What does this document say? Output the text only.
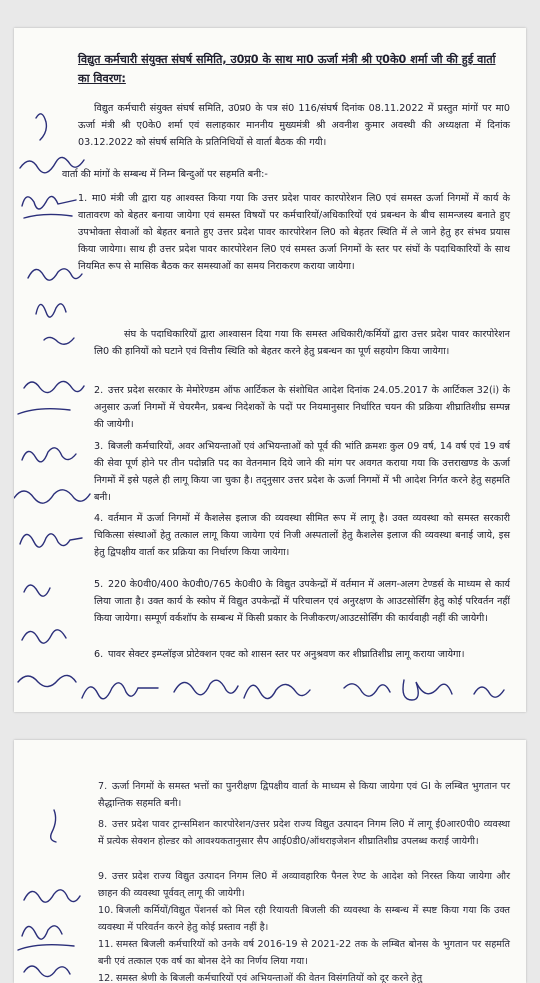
विद्युत कर्मचारी संयुक्त संघर्ष समिति, उ0प्र0 के साथ मा0 ऊर्जा मंत्री श्री ए0के0 शर्मा जी की हुई वार्ता का विवरण:
विद्युत कर्मचारी संयुक्त संघर्ष समिति, उ0प्र0 के पत्र सं0 116/संघर्ष दिनांक 08.11.2022 में प्रस्तुत मांगों पर मा0 ऊर्जा मंत्री श्री ए0के0 शर्मा एवं सलाहकार माननीय मुख्यमंत्री श्री अवनीश कुमार अवस्थी की अध्यक्षता में दिनांक 03.12.2022 को संघर्ष समिति के प्रतिनिधियों से वार्ता बैठक की गयी।
वार्ता की मांगों के सम्बन्ध में निम्न बिन्दुओं पर सहमति बनी:-
1. मा0 मंत्री जी द्वारा यह आश्वस्त किया गया कि उत्तर प्रदेश पावर कारपोरेशन लि0 एवं समस्त ऊर्जा निगमों में कार्य के वातावरण को बेहतर बनाया जायेगा एवं समस्त विषयों पर कर्मचारियों/अधिकारियों एवं प्रबन्धन के बीच सामन्जस्य बनाते हुए उपभोक्ता सेवाओं को बेहतर बनाते हुए उत्तर प्रदेश पावर कारपोरेशन लि0 को बेहतर स्थिति में ले जाने हेतु हर संभव प्रयास किया जायेगा। साथ ही उत्तर प्रदेश पावर कारपोरेशन लि0 एवं समस्त ऊर्जा निगमों के स्तर पर संघों के पदाधिकारियों के साथ नियमित रूप से मासिक बैठक कर समस्याओं का समय निराकरण कराया जायेगा।
संघ के पदाधिकारियों द्वारा आश्वासन दिया गया कि समस्त अधिकारी/कर्मियों द्वारा उत्तर प्रदेश पावर कारपोरेशन लि0 की हानियों को घटाने एवं वित्तीय स्थिति को बेहतर करने हेतु प्रबन्धन का पूर्ण सहयोग किया जायेगा।
2. उत्तर प्रदेश सरकार के मेमोरेण्डम ऑफ आर्टिकल के संशोधित आदेश दिनांक 24.05.2017 के आर्टिकल 32(i) के अनुसार ऊर्जा निगमों में चेयरमैन, प्रबन्ध निदेशकों के पदों पर नियमानुसार निर्धारित चयन की प्रक्रिया शीघ्रातिशीघ्र सम्पन्न की जायेगी।
3. बिजली कर्मचारियों, अवर अभियन्ताओं एवं अभियन्ताओं को पूर्व की भांति क्रमशः कुल 09 वर्ष, 14 वर्ष एवं 19 वर्ष की सेवा पूर्ण होने पर तीन पदोन्नति पद का वेतनमान दिये जाने की मांग पर अवगत कराया गया कि उत्तराखण्ड के ऊर्जा निगमों में इसे पहले ही लागू किया जा चुका है। तद्नुसार उत्तर प्रदेश के ऊर्जा निगमों में भी आदेश निर्गत करने हेतु सहमति बनी।
4. वर्तमान में ऊर्जा निगमों में कैशलेस इलाज की व्यवस्था सीमित रूप में लागू है। उक्त व्यवस्था को समस्त सरकारी चिकित्सा संस्थाओं हेतु तत्काल लागू किया जायेगा एवं निजी अस्पतालों हेतु कैशलेस इलाज की व्यवस्था बनाई जाये, इस हेतु द्विपक्षीय वार्ता कर प्रक्रिया का निर्धारण किया जायेगा।
5. 220 के0वी0/400 के0वी0/765 के0वी0 के विद्युत उपकेन्द्रों में वर्तमान में अलग-अलग टेण्डर्स के माध्यम से कार्य लिया जाता है। उक्त कार्य के स्कोप में विद्युत उपकेन्द्रों में परिचालन एवं अनुरक्षण के आउटसोर्सिंग हेतु कोई परिवर्तन नहीं किया जायेगा। सम्पूर्ण वर्कशॉप के सम्बन्ध में किसी प्रकार के निजीकरण/आउटसोर्सिंग की कार्यवाही नहीं की जायेगी।
6. पावर सेक्टर इम्प्लॉइज प्रोटेक्शन एक्ट को शासन स्तर पर अनुश्रवण कर शीघ्रातिशीघ्र लागू कराया जायेगा।
7. ऊर्जा निगमों के समस्त भत्तों का पुनरीक्षण द्विपक्षीय वार्ता के माध्यम से किया जायेगा एवं GI के लम्बित भुगतान पर सैद्धान्तिक सहमति बनी।
8. उत्तर प्रदेश पावर ट्रान्समिशन कारपोरेशन/उत्तर प्रदेश राज्य विद्युत उत्पादन निगम लि0 में लागू ई0आर0पी0 व्यवस्था में प्रत्येक सेक्शन होल्डर को आवश्यकतानुसार सैप आई0डी0/ऑथराइजेशन शीघ्रातिशीघ्र उपलब्ध कराई जायेगी।
9. उत्तर प्रदेश राज्य विद्युत उत्पादन निगम लि0 में अव्यावहारिक पैनल रेण्ट के आदेश को निरस्त किया जायेगा और छाहन की व्यवस्था पूर्ववत् लागू की जायेगी।
10. बिजली कर्मियों/विद्युत पेंशनर्स को मिल रही रियायती बिजली की व्यवस्था के सम्बन्ध में स्पष्ट किया गया कि उक्त व्यवस्था में परिवर्तन करने हेतु कोई प्रस्ताव नहीं है।
11. समस्त बिजली कर्मचारियों को उनके वर्ष 2016-19 से 2021-22 तक के लम्बित बोनस के भुगतान पर सहमति बनी एवं तत्काल एक वर्ष का बोनस देने का निर्णय लिया गया।
12. समस्त श्रेणी के बिजली कर्मचारियों एवं अभियन्ताओं की वेतन विसंगतियों को दूर करने हेतु
